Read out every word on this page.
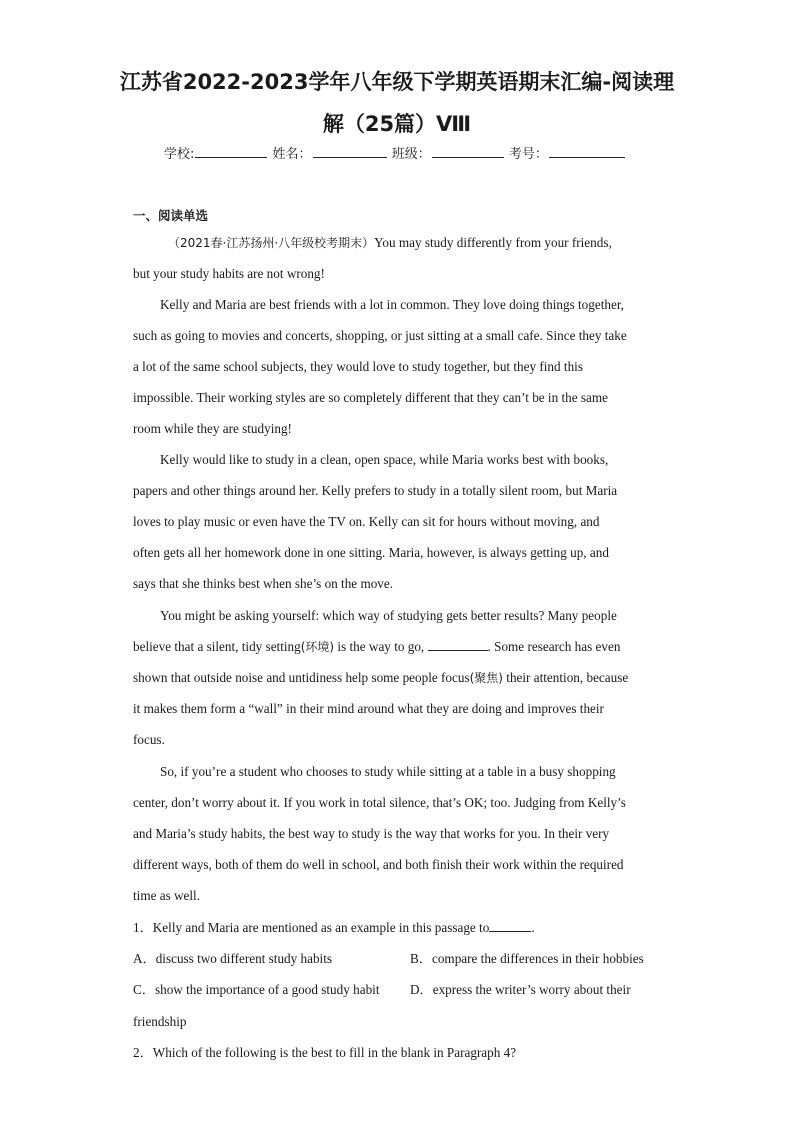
江苏省2022-2023学年八年级下学期英语期末汇编-阅读理
解（25篇）Ⅷ
学校:	姓名：	班级：	考号：
一、阅读单选
（2021春·江苏扬州·八年级校考期末）You may study differently from your friends,
but your study habits are not wrong!
Kelly and Maria are best friends with a lot in common. They love doing things together,
such as going to movies and concerts, shopping, or just sitting at a small cafe. Since they take
a lot of the same school subjects, they would love to study together, but they find this
impossible. Their working styles are so completely different that they can’t be in the same
room while they are studying!
Kelly would like to study in a clean, open space, while Maria works best with books,
papers and other things around her. Kelly prefers to study in a totally silent room, but Maria
loves to play music or even have the TV on. Kelly can sit for hours without moving, and
often gets all her homework done in one sitting. Maria, however, is always getting up, and
says that she thinks best when she’s on the move.
You might be asking yourself: which way of studying gets better results? Many people
believe that a silent, tidy setting(环境) is the way to go,	. Some research has even
shown that outside noise and untidiness help some people focus(聚焦) their attention, because
it makes them form a “wall” in their mind around what they are doing and improves their
focus.
So, if you’re a student who chooses to study while sitting at a table in a busy shopping
center, don’t worry about it. If you work in total silence, that’s OK; too. Judging from Kelly’s
and Maria’s study habits, the best way to study is the way that works for you. In their very
different ways, both of them do well in school, and both finish their work within the required
time as well.
1．Kelly and Maria are mentioned as an example in this passage to	.
A．discuss two different study habits	B．compare the differences in their hobbies
C．show the importance of a good study habit D．express the writer’s worry about their
friendship
2．Which of the following is the best to fill in the blank in Paragraph 4?
